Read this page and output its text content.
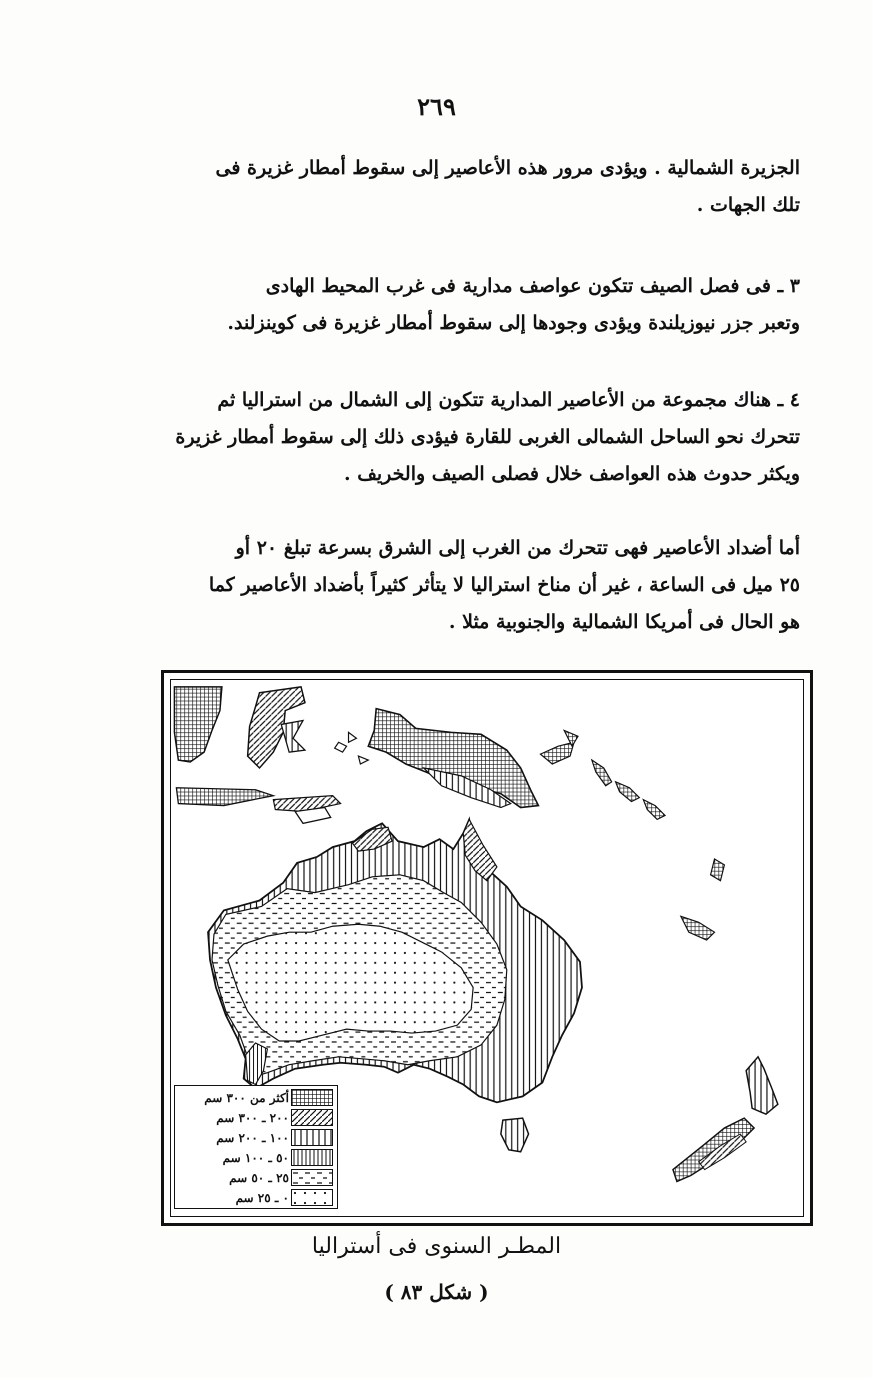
٢٦٩

الجزيرة الشمالية . ويؤدى مرور هذه الأعاصير إلى سقوط أمطار غزيرة فى

تلك الجهات .

٣ ـ فى فصل الصيف تتكون عواصف مدارية فى غرب المحيط الهادى

وتعبر جزر نيوزيلندة ويؤدى وجودها إلى سقوط أمطار غزيرة فى كوينزلند.

٤ ـ هناك مجموعة من الأعاصير المدارية تتكون إلى الشمال من استراليا ثم

تتحرك نحو الساحل الشمالى الغربى للقارة فيؤدى ذلك إلى سقوط أمطار غزيرة

ويكثر حدوث هذه العواصف خلال فصلى الصيف والخريف .

أما أضداد الأعاصير فهى تتحرك من الغرب إلى الشرق بسرعة تبلغ ٢٠ أو

٢٥ ميل فى الساعة ، غير أن مناخ استراليا لا يتأثر كثيراً بأضداد الأعاصير كما

هو الحال فى أمريكا الشمالية والجنوبية مثلا .

أكثر من ٣٠٠ سم
٢٠٠ ـ ٣٠٠ سم
١٠٠ ـ ٢٠٠ سم
٥٠ ـ ١٠٠ سم
٢٥ ـ ٥٠ سم
٠ ـ ٢٥ سم
المطـر السنوى فى أستراليا
( شكل ٨٣ )
